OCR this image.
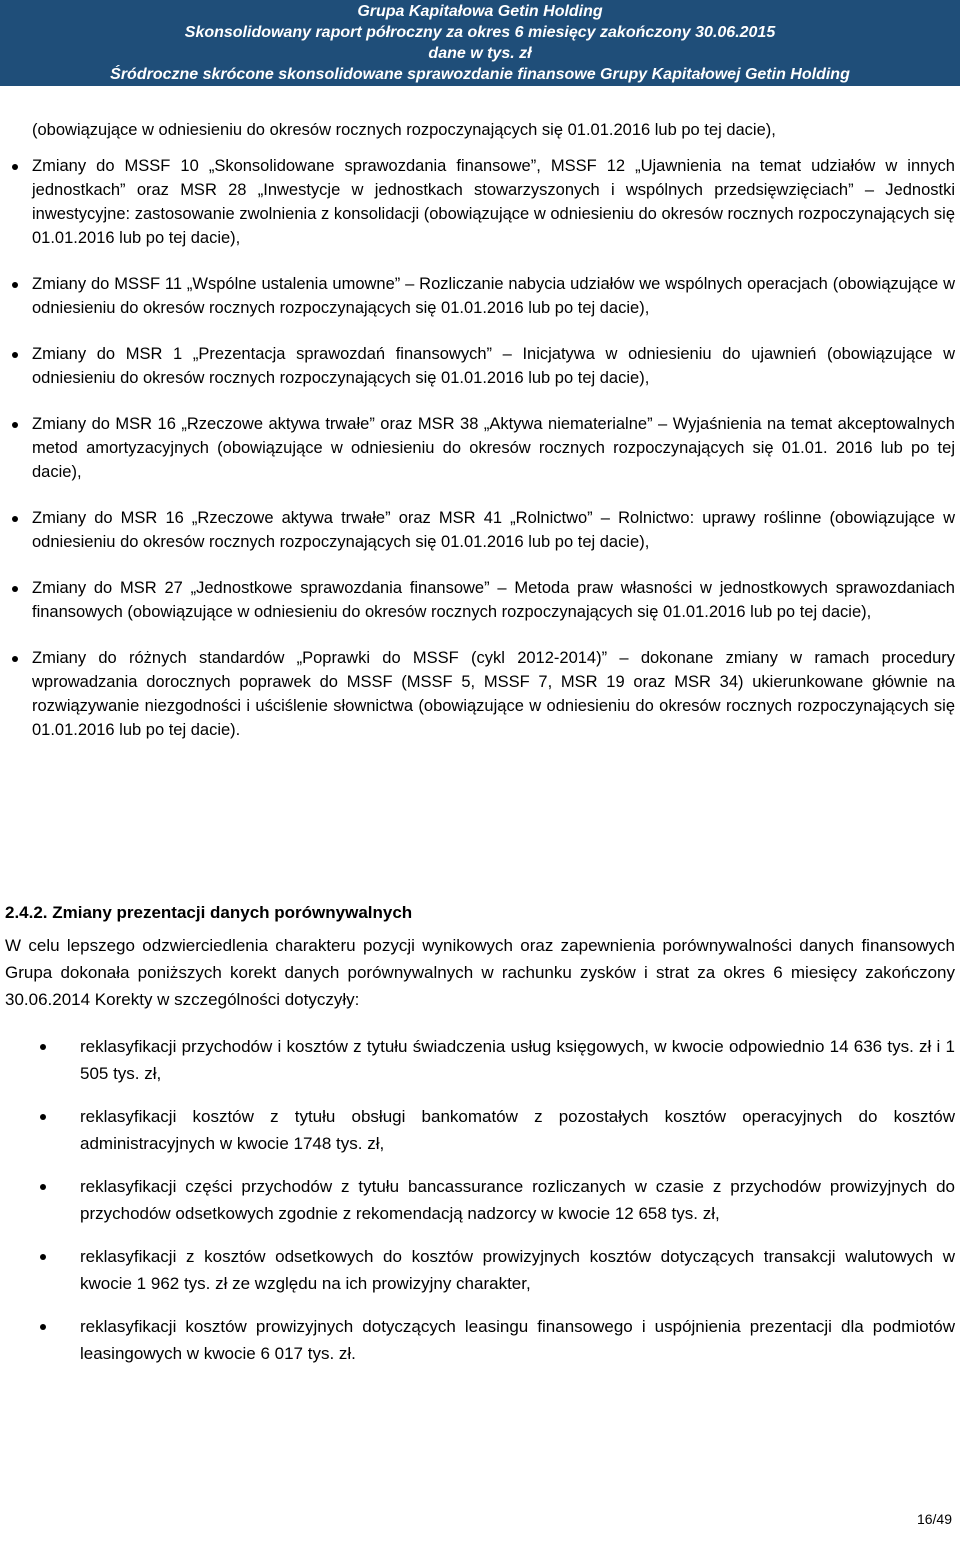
Grupa Kapitałowa Getin Holding
Skonsolidowany raport półroczny za okres 6 miesięcy zakończony 30.06.2015
dane w tys. zł
Śródroczne skrócone skonsolidowane sprawozdanie finansowe Grupy Kapitałowej Getin Holding

(obowiązujące w odniesieniu do okresów rocznych rozpoczynających się 01.01.2016 lub po tej dacie),

Zmiany do MSSF 10 „Skonsolidowane sprawozdania finansowe”, MSSF 12 „Ujawnienia na temat udziałów w innych jednostkach” oraz MSR 28 „Inwestycje w jednostkach stowarzyszonych i wspólnych przedsięwzięciach” – Jednostki inwestycyjne: zastosowanie zwolnienia z konsolidacji (obowiązujące w odniesieniu do okresów rocznych rozpoczynających się 01.01.2016 lub po tej dacie),
Zmiany do MSSF 11 „Wspólne ustalenia umowne” – Rozliczanie nabycia udziałów we wspólnych operacjach (obowiązujące w odniesieniu do okresów rocznych rozpoczynających się 01.01.2016 lub po tej dacie),
Zmiany do MSR 1 „Prezentacja sprawozdań finansowych” – Inicjatywa w odniesieniu do ujawnień (obowiązujące w odniesieniu do okresów rocznych rozpoczynających się 01.01.2016 lub po tej dacie),
Zmiany do MSR 16 „Rzeczowe aktywa trwałe” oraz MSR 38 „Aktywa niematerialne” – Wyjaśnienia na temat akceptowalnych metod amortyzacyjnych (obowiązujące w odniesieniu do okresów rocznych rozpoczynających się 01.01. 2016 lub po tej dacie),
Zmiany do MSR 16 „Rzeczowe aktywa trwałe” oraz MSR 41 „Rolnictwo” – Rolnictwo: uprawy roślinne (obowiązujące w odniesieniu do okresów rocznych rozpoczynających się 01.01.2016 lub po tej dacie),
Zmiany do MSR 27 „Jednostkowe sprawozdania finansowe” – Metoda praw własności w jednostkowych sprawozdaniach finansowych (obowiązujące w odniesieniu do okresów rocznych rozpoczynających się 01.01.2016 lub po tej dacie),
Zmiany do różnych standardów „Poprawki do MSSF (cykl 2012-2014)” – dokonane zmiany w ramach procedury wprowadzania dorocznych poprawek do MSSF (MSSF 5, MSSF 7, MSR 19 oraz MSR 34) ukierunkowane głównie na rozwiązywanie niezgodności i uściślenie słownictwa (obowiązujące w odniesieniu do okresów rocznych rozpoczynających się 01.01.2016 lub po tej dacie).
2.4.2. Zmiany prezentacji danych porównywalnych

W celu lepszego odzwierciedlenia charakteru pozycji wynikowych oraz zapewnienia porównywalności danych finansowych Grupa dokonała poniższych korekt danych porównywalnych w rachunku zysków i strat za okres 6 miesięcy zakończony 30.06.2014 Korekty w szczególności dotyczyły:

reklasyfikacji przychodów i kosztów z tytułu świadczenia usług księgowych, w kwocie odpowiednio 14 636 tys. zł i 1 505 tys. zł,
reklasyfikacji kosztów z tytułu obsługi bankomatów z pozostałych kosztów operacyjnych do kosztów administracyjnych w kwocie 1748 tys. zł,
reklasyfikacji części przychodów z tytułu bancassurance rozliczanych w czasie z przychodów prowizyjnych do przychodów odsetkowych zgodnie z rekomendacją nadzorcy w kwocie 12 658 tys. zł,
reklasyfikacji z kosztów odsetkowych do kosztów prowizyjnych kosztów dotyczących transakcji walutowych w kwocie 1 962 tys. zł ze względu na ich prowizyjny charakter,
reklasyfikacji kosztów prowizyjnych dotyczących leasingu finansowego i uspójnienia prezentacji dla podmiotów leasingowych w kwocie 6 017 tys. zł.
16/49
